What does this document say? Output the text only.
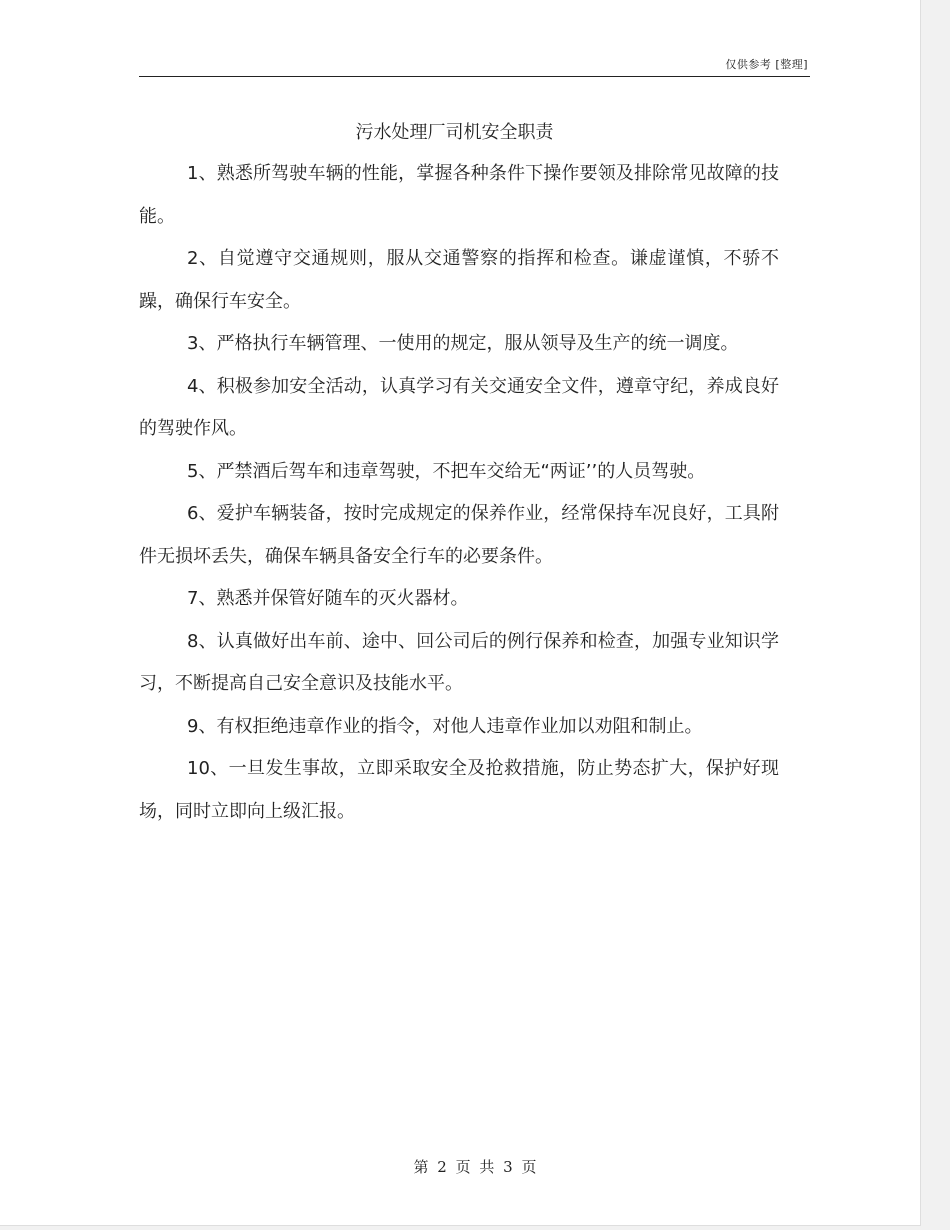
仅供参考 [整理]
污水处理厂司机安全职责

1、熟悉所驾驶车辆的性能，掌握各种条件下操作要领及排除常见故障的技能。

2、自觉遵守交通规则，服从交通警察的指挥和检查。谦虚谨慎，不骄不躁，确保行车安全。

3、严格执行车辆管理、一使用的规定，服从领导及生产的统一调度。

4、积极参加安全活动，认真学习有关交通安全文件，遵章守纪，养成良好的驾驶作风。

5、严禁酒后驾车和违章驾驶，不把车交给无“两证’’的人员驾驶。

6、爱护车辆装备，按时完成规定的保养作业，经常保持车况良好，工具附件无损坏丢失，确保车辆具备安全行车的必要条件。

7、熟悉并保管好随车的灭火器材。

8、认真做好出车前、途中、回公司后的例行保养和检查，加强专业知识学习，不断提高自己安全意识及技能水平。

9、有权拒绝违章作业的指令，对他人违章作业加以劝阻和制止。

10、一旦发生事故，立即采取安全及抢救措施，防止势态扩大，保护好现场，同时立即向上级汇报。

第 2 页 共 3 页
